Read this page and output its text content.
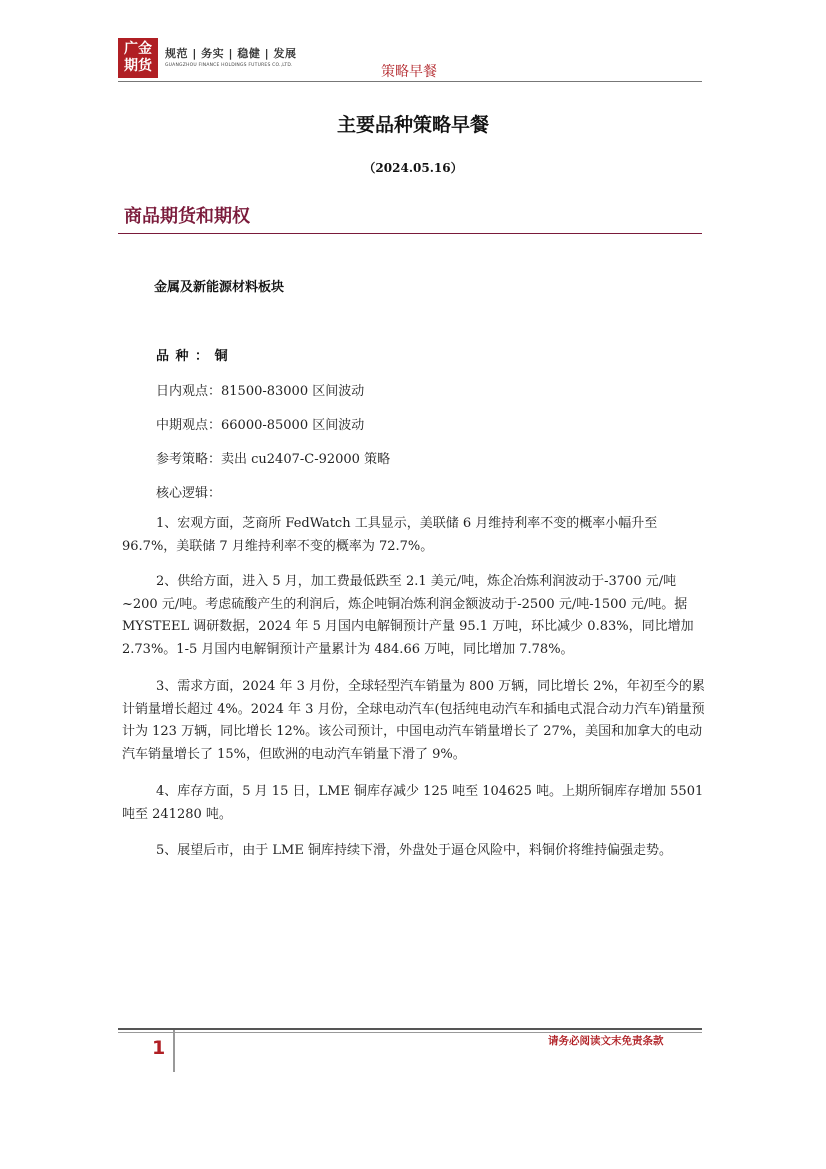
广金
期货
规范 | 务实 | 稳健 | 发展
GUANGZHOU FINANCE HOLDINGS FUTURES CO.,LTD.	策略早餐
主要品种策略早餐
（2024.05.16）
商品期货和期权
金属及新能源材料板块
品 种 ： 铜
日内观点：81500-83000 区间波动
中期观点：66000-85000 区间波动
参考策略：卖出 cu2407-C-92000 策略
核心逻辑：

1、宏观方面，芝商所 FedWatch 工具显示，美联储 6 月维持利率不变的概率小幅升至 96.7%，美联储 7 月维持利率不变的概率为 72.7%。

2、供给方面，进入 5 月，加工费最低跌至 2.1 美元/吨，炼企冶炼利润波动于-3700 元/吨~200 元/吨。考虑硫酸产生的利润后，炼企吨铜冶炼利润金额波动于-2500 元/吨-1500 元/吨。据 MYSTEEL 调研数据，2024 年 5 月国内电解铜预计产量 95.1 万吨，环比减少 0.83%，同比增加 2.73%。1-5 月国内电解铜预计产量累计为 484.66 万吨，同比增加 7.78%。

3、需求方面，2024 年 3 月份，全球轻型汽车销量为 800 万辆，同比增长 2%，年初至今的累计销量增长超过 4%。2024 年 3 月份，全球电动汽车(包括纯电动汽车和插电式混合动力汽车)销量预计为 123 万辆，同比增长 12%。该公司预计，中国电动汽车销量增长了 27%，美国和加拿大的电动汽车销量增长了 15%，但欧洲的电动汽车销量下滑了 9%。

4、库存方面，5 月 15 日，LME 铜库存减少 125 吨至 104625 吨。上期所铜库存增加 5501 吨至 241280 吨。

5、展望后市，由于 LME 铜库持续下滑，外盘处于逼仓风险中，料铜价将维持偏强走势。

1	请务必阅读文末免责条款
